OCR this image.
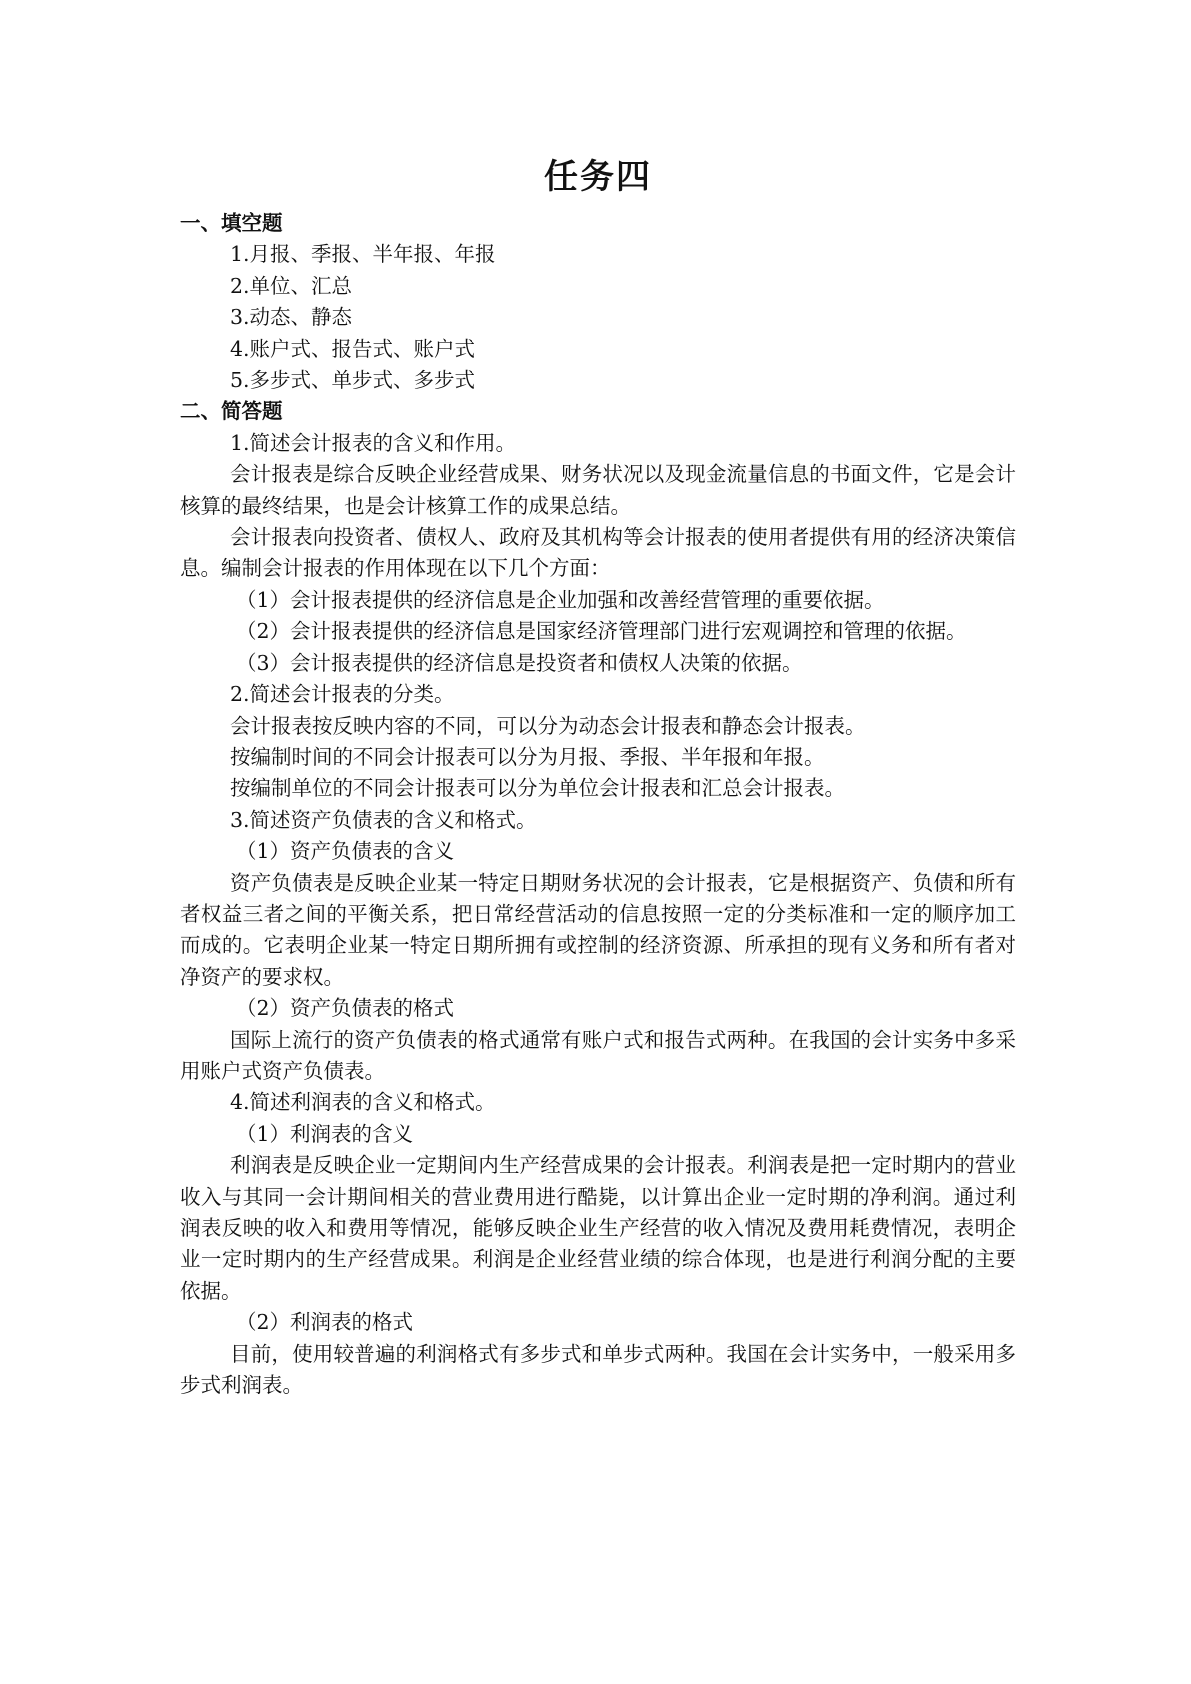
任务四
一、填空题
1.月报、季报、半年报、年报
2.单位、汇总
3.动态、静态
4.账户式、报告式、账户式
5.多步式、单步式、多步式
二、简答题
1.简述会计报表的含义和作用。

会计报表是综合反映企业经营成果、财务状况以及现金流量信息的书面文件，它是会计核算的最终结果，也是会计核算工作的成果总结。

会计报表向投资者、债权人、政府及其机构等会计报表的使用者提供有用的经济决策信息。编制会计报表的作用体现在以下几个方面：

（1）会计报表提供的经济信息是企业加强和改善经营管理的重要依据。

（2）会计报表提供的经济信息是国家经济管理部门进行宏观调控和管理的依据。

（3）会计报表提供的经济信息是投资者和债权人决策的依据。

2.简述会计报表的分类。
会计报表按反映内容的不同，可以分为动态会计报表和静态会计报表。
按编制时间的不同会计报表可以分为月报、季报、半年报和年报。
按编制单位的不同会计报表可以分为单位会计报表和汇总会计报表。
3.简述资产负债表的含义和格式。
（1）资产负债表的含义

资产负债表是反映企业某一特定日期财务状况的会计报表，它是根据资产、负债和所有者权益三者之间的平衡关系，把日常经营活动的信息按照一定的分类标准和一定的顺序加工而成的。它表明企业某一特定日期所拥有或控制的经济资源、所承担的现有义务和所有者对净资产的要求权。

（2）资产负债表的格式

国际上流行的资产负债表的格式通常有账户式和报告式两种。在我国的会计实务中多采用账户式资产负债表。

4.简述利润表的含义和格式。
（1）利润表的含义

利润表是反映企业一定期间内生产经营成果的会计报表。利润表是把一定时期内的营业收入与其同一会计期间相关的营业费用进行酷毙，以计算出企业一定时期的净利润。通过利润表反映的收入和费用等情况，能够反映企业生产经营的收入情况及费用耗费情况，表明企业一定时期内的生产经营成果。利润是企业经营业绩的综合体现，也是进行利润分配的主要依据。

（2）利润表的格式

目前，使用较普遍的利润格式有多步式和单步式两种。我国在会计实务中，一般采用多步式利润表。
